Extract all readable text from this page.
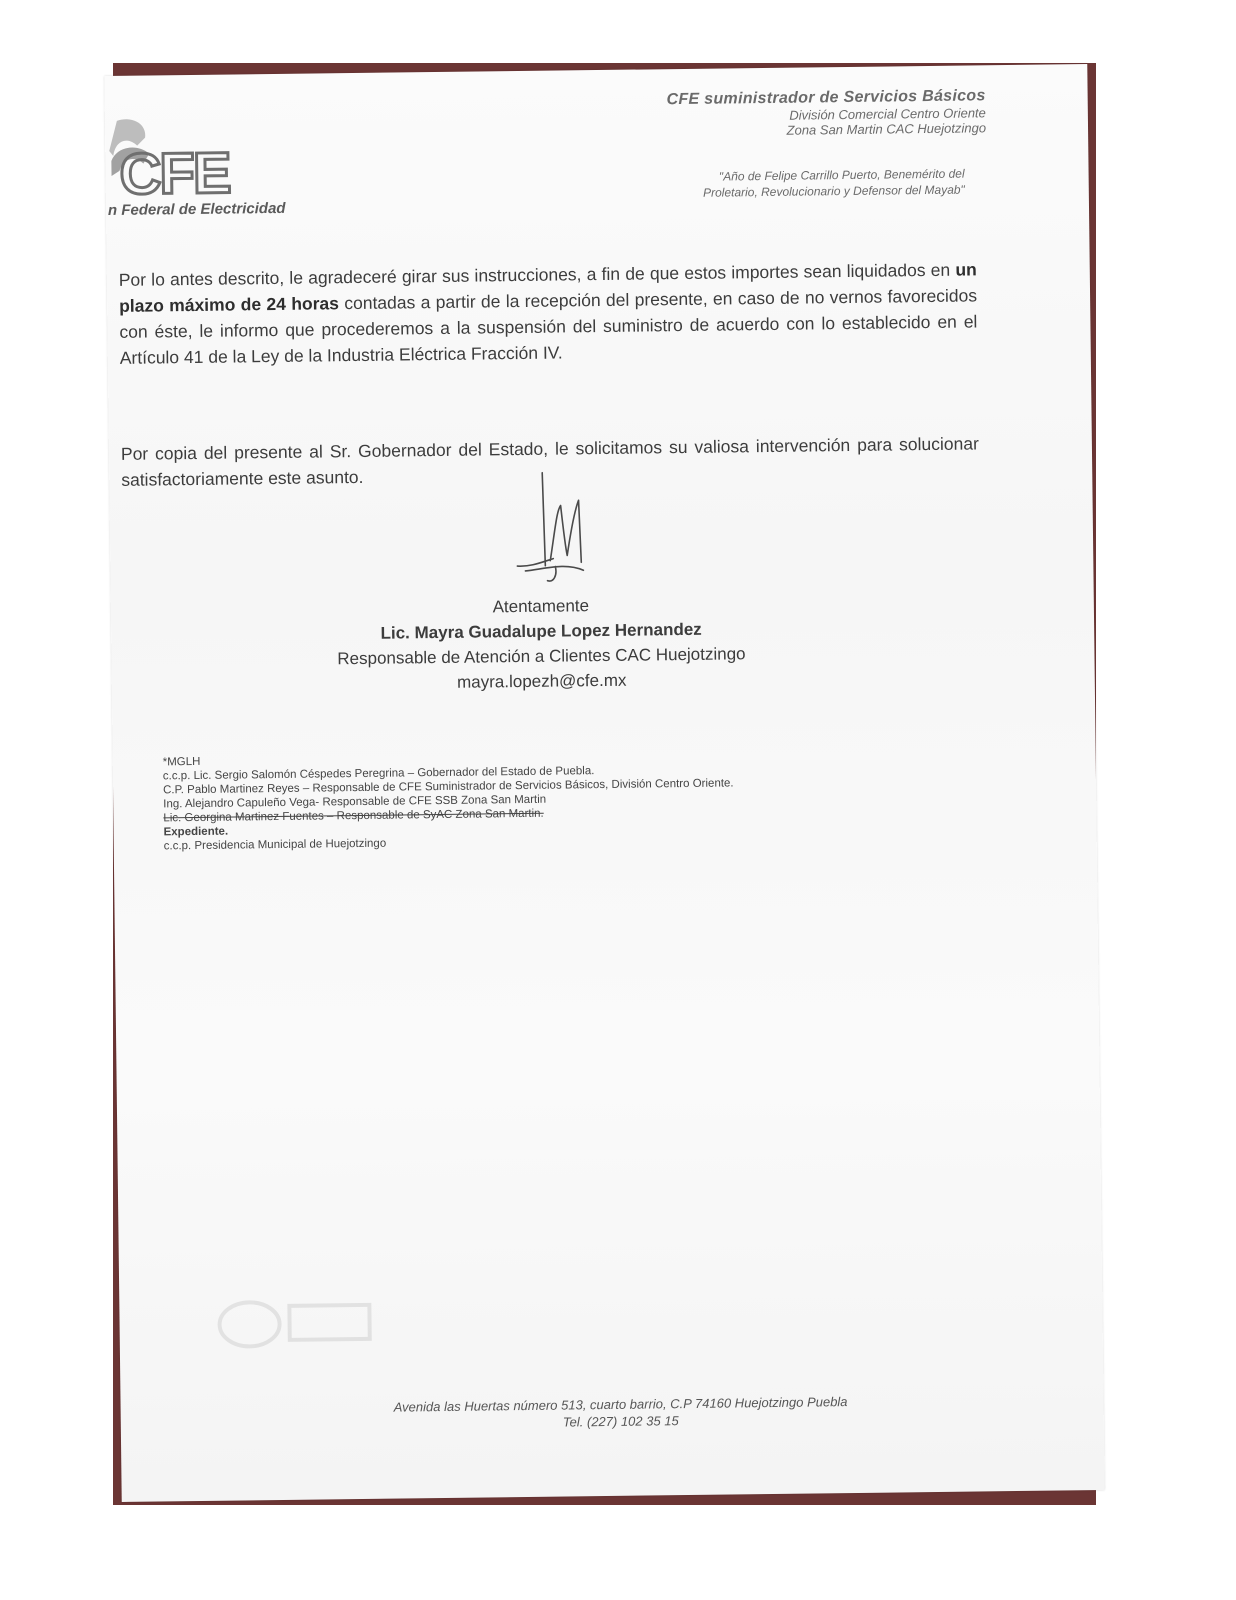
CFE
n Federal de Electricidad
CFE suministrador de Servicios Básicos
División Comercial Centro Oriente
Zona San Martin CAC Huejotzingo
"Año de Felipe Carrillo Puerto, Benemérito del
Proletario, Revolucionario y Defensor del Mayab"
Por lo antes descrito, le agradeceré girar sus instrucciones, a fin de que estos importes sean liquidados en un plazo máximo de 24 horas contadas a partir de la recepción del presente, en caso de no vernos favorecidos con éste, le informo que procederemos a la suspensión del suministro de acuerdo con lo establecido en el Artículo 41 de la Ley de la Industria Eléctrica Fracción IV.
Por copia del presente al Sr. Gobernador del Estado, le solicitamos su valiosa intervención para solucionar satisfactoriamente este asunto.
Atentamente
Lic. Mayra Guadalupe Lopez Hernandez
Responsable de Atención a Clientes CAC Huejotzingo
mayra.lopezh@cfe.mx
*MGLH
c.c.p. Lic. Sergio Salomón Céspedes Peregrina – Gobernador del Estado de Puebla.
C.P. Pablo Martinez Reyes – Responsable de CFE Suministrador de Servicios Básicos, División Centro Oriente.
Ing. Alejandro Capuleño Vega- Responsable de CFE SSB Zona San Martin
Lic. Georgina Martinez Fuentes – Responsable de SyAC Zona San Martin.
Expediente.
c.c.p. Presidencia Municipal de Huejotzingo
Avenida las Huertas número 513, cuarto barrio, C.P 74160 Huejotzingo Puebla
Tel. (227) 102 35 15
